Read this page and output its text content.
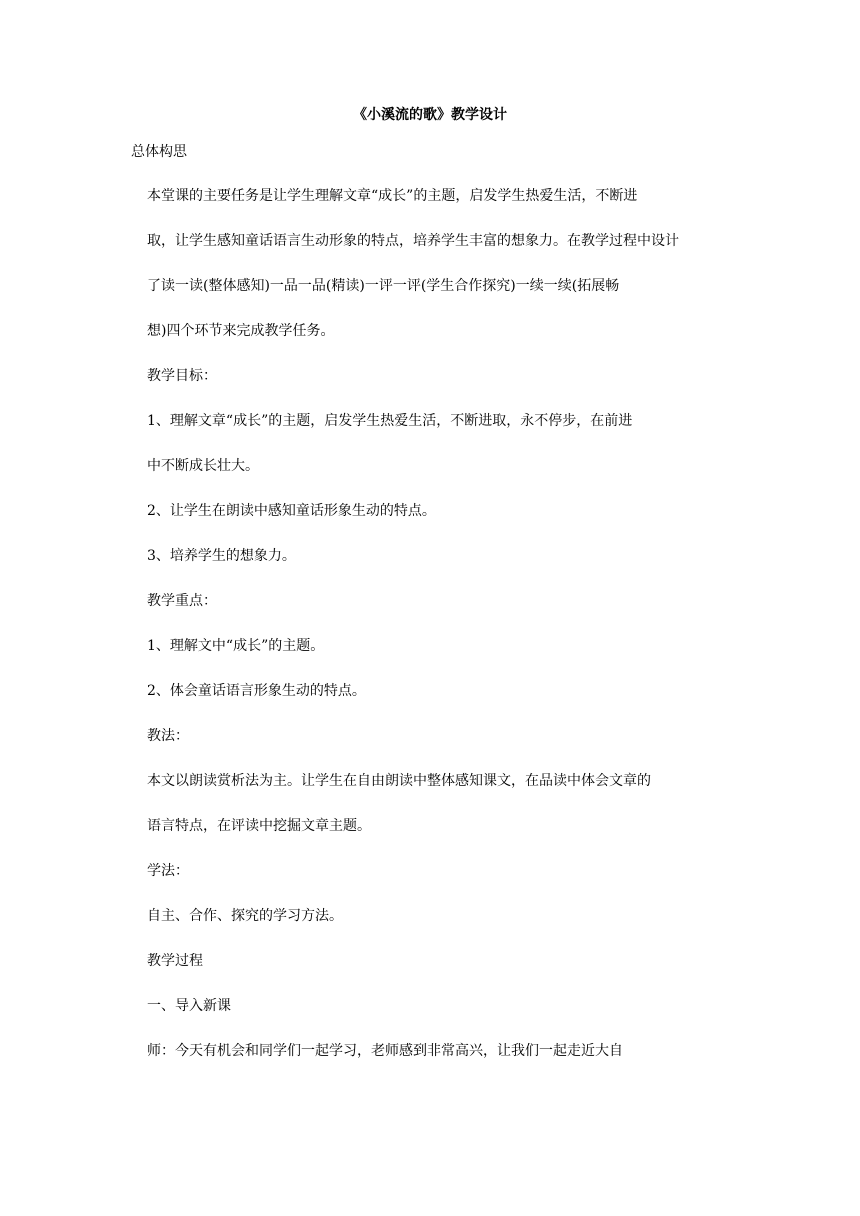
《小溪流的歌》教学设计
总体构思
本堂课的主要任务是让学生理解文章“成长”的主题，启发学生热爱生活，不断进
取，让学生感知童话语言生动形象的特点，培养学生丰富的想象力。在教学过程中设计
了读一读(整体感知)一品一品(精读)一评一评(学生合作探究)一续一续(拓展畅
想)四个环节来完成教学任务。
教学目标：
1、理解文章“成长”的主题，启发学生热爱生活，不断进取，永不停步，在前进
中不断成长壮大。
2、让学生在朗读中感知童话形象生动的特点。
3、培养学生的想象力。
教学重点：
1、理解文中“成长”的主题。
2、体会童话语言形象生动的特点。
教法：
本文以朗读赏析法为主。让学生在自由朗读中整体感知课文，在品读中体会文章的
语言特点，在评读中挖掘文章主题。
学法：
自主、合作、探究的学习方法。
教学过程
一、导入新课
师：今天有机会和同学们一起学习，老师感到非常高兴，让我们一起走近大自
